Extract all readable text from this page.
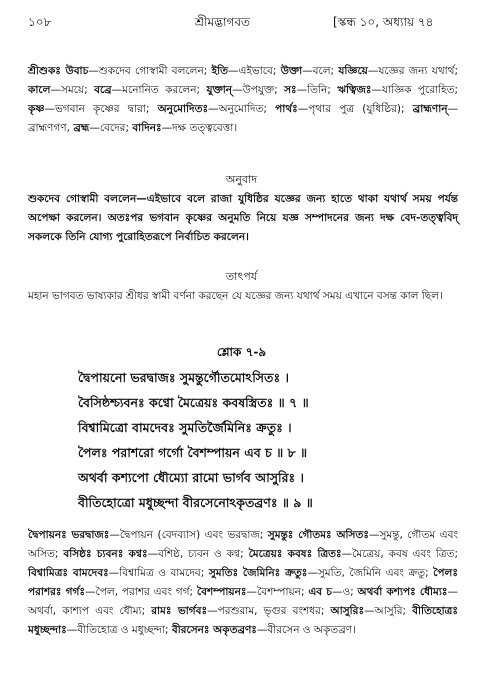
১০৮	শ্রীমদ্ভাগবত	[স্কন্ধ ১০, অধ্যায় ৭৪
শ্রীশুকঃ উবাচ—শুকদেব গোস্বামী বললেন; ইতি—এইভাবে; উক্তা—বলে; যজ্ঞিয়ে—যজ্ঞের জন্য যথার্থ; কালে—সময়ে; বব্রে—মনোনিত করলেন; যুক্তান্—উপযুক্ত; সঃ—তিনি; ঋত্বিজঃ—যাজ্ঞিক পুরোহিত; কৃষ্ণ—ভগবান কৃষ্ণের দ্বারা; অনুমোদিতঃ—অনুমোদিত; পার্থঃ—পৃথার পুত্র (যুধিষ্ঠির); ব্রাহ্মণান্—ব্রাহ্মণগণ, ব্রহ্ম—বেদের; বাদিনঃ—দক্ষ তত্ত্ববেত্তা।
অনুবাদ
শুকদেব গোস্বামী বললেন—এইভাবে বলে রাজা যুধিষ্ঠির যজ্ঞের জন্য হাতে থাকা যথার্থ সময় পর্যন্ত অপেক্ষা করলেন। অতঃপর ভগবান কৃষ্ণের অনুমতি নিয়ে যজ্ঞ সম্পাদনের জন্য দক্ষ বেদ-তত্ত্ববিদ্ সকলকে তিনি যোগ্য পুরোহিতরূপে নির্বাচিত করলেন।
তাৎপর্য
মহান ভাগবত ভাষ্যকার শ্রীধর স্বামী বর্ণনা করছেন যে যজ্ঞের জন্য যথার্থ সময় এখানে বসন্ত কাল ছিল।
শ্লোক ৭-৯
দ্বৈপায়নো ভরদ্বাজঃ সুমন্তুর্গৌতমোঽসিতঃ ।
বৈসিষ্ঠশ্চ্যবনঃ কণ্বো মৈত্রেয়ঃ কবষস্ত্রিতঃ ॥ ৭ ॥
বিশ্বামিত্রো বামদেবঃ সুমতির্জৈমিনিঃ ক্রতুঃ ।
পৈলঃ পরাশরো গর্গো বৈশম্পায়ন এব চ ॥ ৮ ॥
অথর্বা কশ্যপো ধৌম্যো রামো ভার্গব আসুরিঃ ।
বীতিহোত্রো মধুচ্ছন্দা বীরসেনোঽকৃতব্রণঃ ॥ ৯ ॥
দ্বৈপায়নঃ ভরদ্বাজঃ—দ্বৈপায়ন (বেদব্যাস) এবং ভরদ্বাজ; সুমন্তুঃ গৌতমঃ অসিতঃ—সুমন্তু, গৌতম এবং অসিত; বসিষ্ঠঃ চ্যবনঃ কণ্বঃ—বশিষ্ঠ, চ্যবন ও কণ্ব; মৈত্রেয়ঃ কবষঃ ত্রিতঃ—মৈত্রেয়, কবষ এবং ত্রিত; বিশ্বামিত্রঃ বামদেবঃ—বিশ্বামিত্র ও বামদেব; সুমতিঃ জৈমিনিঃ ক্রতুঃ—সুমতি, জৈমিনি এবং ক্রতু; পৈলঃ পরাশরঃ গর্গঃ—পৈল, পরাশর এবং গর্গ; বৈশম্পায়নঃ—বৈশম্পায়ন; এব চ—ও; অথর্বা কশ্যপঃ ধৌম্যঃ—অথর্বা, কাশ্যপ এবং ধৌম্য; রামঃ ভার্গবঃ—পরশুরাম, ভৃগুর বংশধর; আসুরিঃ—আসুরি; বীতিহোত্রঃ মধুচ্ছন্দাঃ—বীতিহোত্র ও মধুচ্ছন্দা; বীরসেনঃ অকৃতব্রণঃ—বীরসেন ও অকৃতব্রণ।
